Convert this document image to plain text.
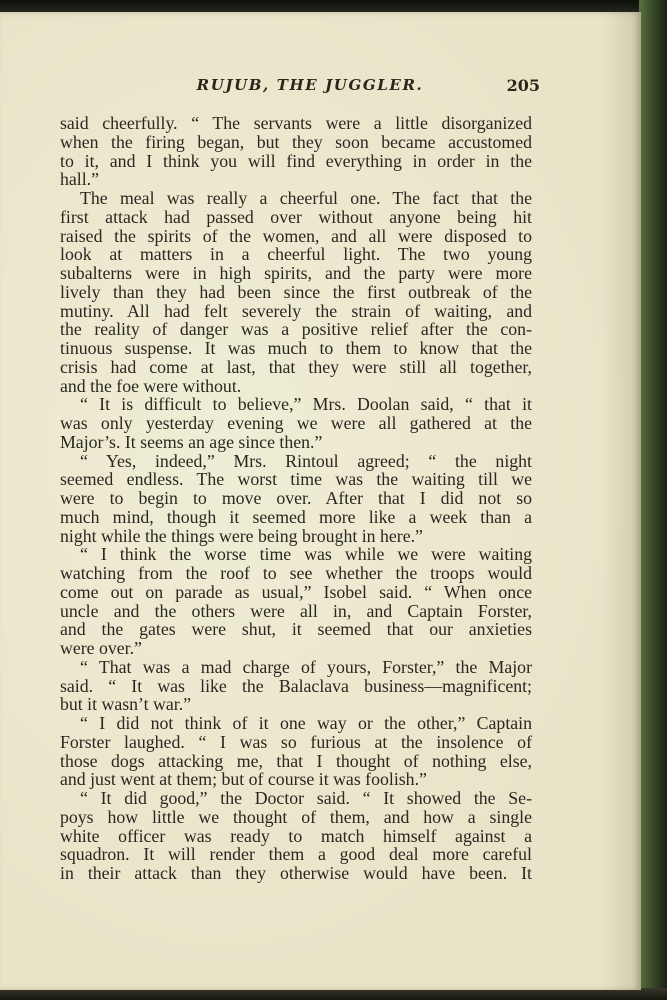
RUJUB, THE JUGGLER.	205
said cheerfully. “ The servants were a little disorganized
when the firing began, but they soon became accustomed
to it, and I think you will find everything in order in the
hall.”
The meal was really a cheerful one. The fact that the
first attack had passed over without anyone being hit
raised the spirits of the women, and all were disposed to
look at matters in a cheerful light. The two young
subalterns were in high spirits, and the party were more
lively than they had been since the first outbreak of the
mutiny. All had felt severely the strain of waiting, and
the reality of danger was a positive relief after the con-
tinuous suspense. It was much to them to know that the
crisis had come at last, that they were still all together,
and the foe were without.
“ It is difficult to believe,” Mrs. Doolan said, “ that it
was only yesterday evening we were all gathered at the
Major’s. It seems an age since then.”
“ Yes, indeed,” Mrs. Rintoul agreed; “ the night
seemed endless. The worst time was the waiting till we
were to begin to move over. After that I did not so
much mind, though it seemed more like a week than a
night while the things were being brought in here.”
“ I think the worse time was while we were waiting
watching from the roof to see whether the troops would
come out on parade as usual,” Isobel said. “ When once
uncle and the others were all in, and Captain Forster,
and the gates were shut, it seemed that our anxieties
were over.”
“ That was a mad charge of yours, Forster,” the Major
said. “ It was like the Balaclava business—magnificent;
but it wasn’t war.”
“ I did not think of it one way or the other,” Captain
Forster laughed. “ I was so furious at the insolence of
those dogs attacking me, that I thought of nothing else,
and just went at them; but of course it was foolish.”
“ It did good,” the Doctor said. “ It showed the Se-
poys how little we thought of them, and how a single
white officer was ready to match himself against a
squadron. It will render them a good deal more careful
in their attack than they otherwise would have been. It
